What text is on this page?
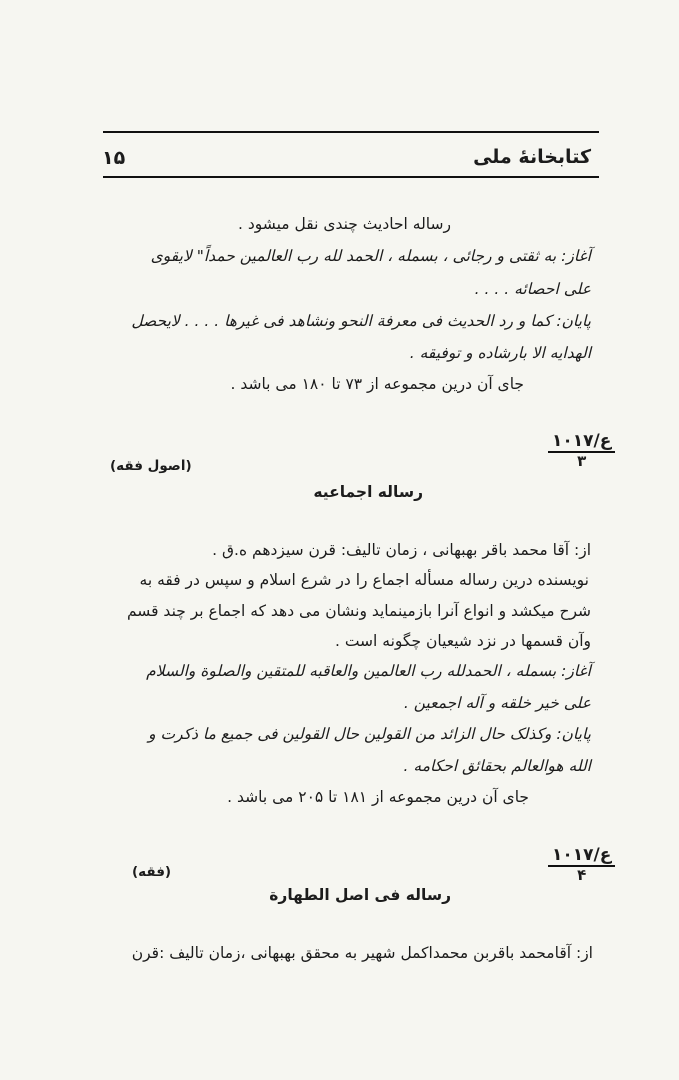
کتابخانهٔ ملی
۱۵
رساله احادیث چندی نقل میشود .
آغاز: به ثقتی و رجائی ، بسمله ، الحمد لله رب العالمین حمداً" لایقوی
علی احصائه . . . .
پایان: کما و رد الحدیث فی معرفة النحو ونشاهد فی غیرها . . . . لایحصل
الهدایه الا بارشاده و توفیقه .
جای آن درین مجموعه از ۷۳ تا ۱۸۰ می باشد .
ع/۱۰۱۷
۳
(اصول فقه)
رساله اجماعیه
از: آقا محمد باقر بهبهانی ، زمان تالیف: قرن سیزدهم ه.ق .
نویسنده درین رساله مسأله اجماع را در شرع اسلام و سپس در فقه به
شرح میکشد و انواع آنرا بازمینماید ونشان می دهد که اجماع بر چند قسم
وآن قسمها در نزد شیعیان چگونه است .
آغاز: بسمله ، الحمدلله رب العالمین والعاقبه للمتقین والصلوة والسلام
علی خیر خلقه و آله اجمعین .
پایان: وکذلک حال الزائد من القولین حال القولین فی جمیع ما ذکرت و
الله هوالعالم بحقائق احکامه .
جای آن درین مجموعه از ۱۸۱ تا ۲۰۵ می باشد .
ع/۱۰۱۷
۴
(فقه)
رساله فی اصل الطهارة
از: آقامحمد باقربن محمداکمل شهیر به محقق بهبهانی ،زمان تالیف :قرن
